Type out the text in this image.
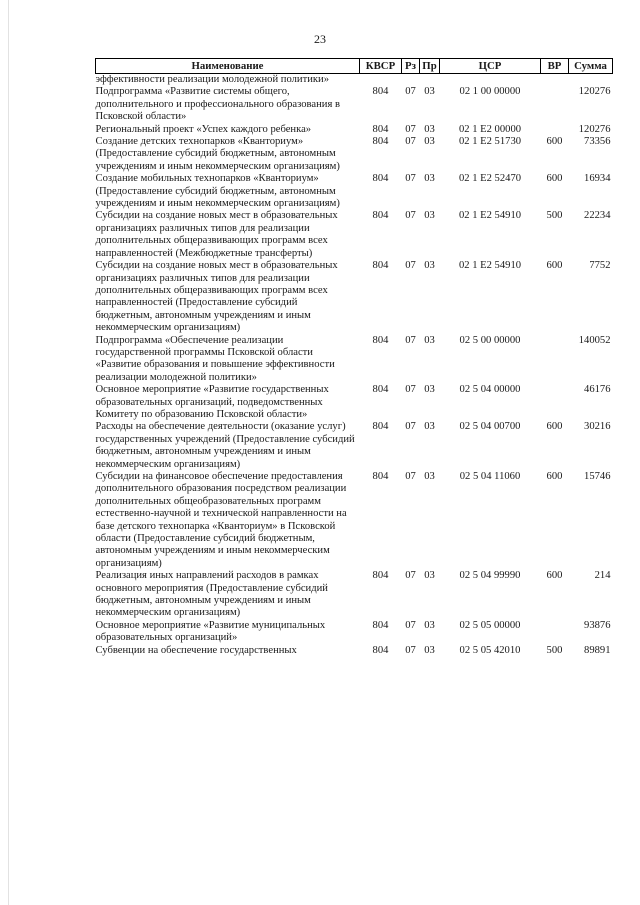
23
Наименование	КВСР	Рз	Пр	ЦСР	ВР	Сумма
эффективности реализации молодежной политики»						
Подпрограмма «Развитие системы общего, дополнительного и профессионального образования в Псковской области»	804	07	03	02 1 00 00000		120276
Региональный проект «Успех каждого ребенка»	804	07	03	02 1 E2 00000		120276
Создание детских технопарков «Кванториум» (Предоставление субсидий бюджетным, автономным учреждениям и иным некоммерческим организациям)	804	07	03	02 1 E2 51730	600	73356
Создание мобильных технопарков «Кванториум» (Предоставление субсидий бюджетным, автономным учреждениям и иным некоммерческим организациям)	804	07	03	02 1 E2 52470	600	16934
Субсидии на создание новых мест в образовательных организациях различных типов для реализации дополнительных общеразвивающих программ всех направленностей (Межбюджетные трансферты)	804	07	03	02 1 E2 54910	500	22234
Субсидии на создание новых мест в образовательных организациях различных типов для реализации дополнительных общеразвивающих программ всех направленностей (Предоставление субсидий бюджетным, автономным учреждениям и иным некоммерческим организациям)	804	07	03	02 1 E2 54910	600	7752
Подпрограмма «Обеспечение реализации государственной программы Псковской области «Развитие образования и повышение эффективности реализации молодежной политики»	804	07	03	02 5 00 00000		140052
Основное мероприятие «Развитие государственных образовательных организаций, подведомственных Комитету по образованию Псковской области»	804	07	03	02 5 04 00000		46176
Расходы на обеспечение деятельности (оказание услуг) государственных учреждений (Предоставление субсидий бюджетным, автономным учреждениям и иным некоммерческим организациям)	804	07	03	02 5 04 00700	600	30216
Субсидии на финансовое обеспечение предоставления дополнительного образования посредством реализации дополнительных общеобразовательных программ естественно-научной и технической направленности на базе детского технопарка «Кванториум» в Псковской области (Предоставление субсидий бюджетным, автономным учреждениям и иным некоммерческим организациям)	804	07	03	02 5 04 11060	600	15746
Реализация иных направлений расходов в рамках основного мероприятия (Предоставление субсидий бюджетным, автономным учреждениям и иным некоммерческим организациям)	804	07	03	02 5 04 99990	600	214
Основное мероприятие «Развитие муниципальных образовательных организаций»	804	07	03	02 5 05 00000		93876
Субвенции на обеспечение государственных	804	07	03	02 5 05 42010	500	89891
